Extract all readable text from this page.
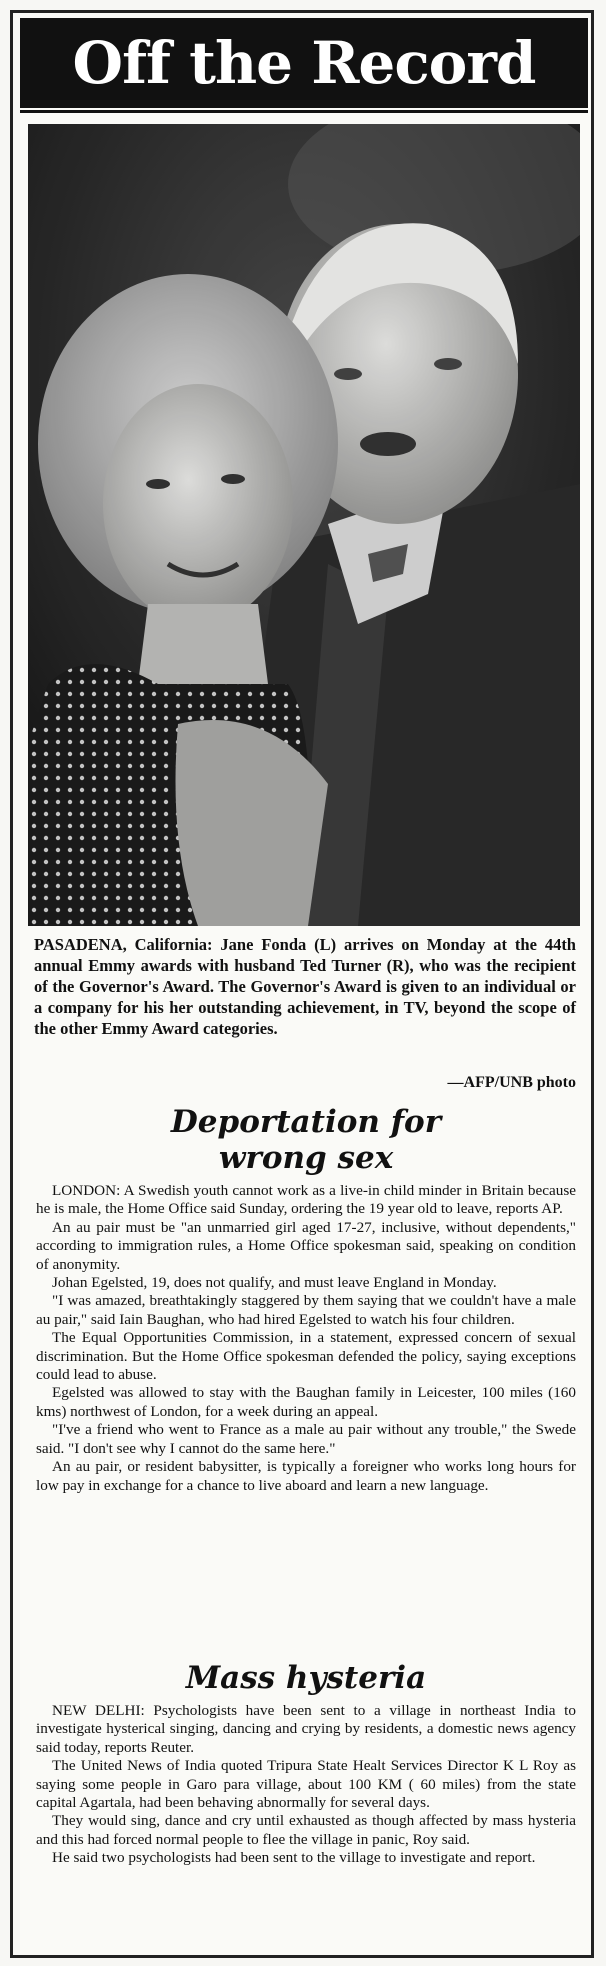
Off the Record
PASADENA, California: Jane Fonda (L) arrives on Monday at the 44th annual Emmy awards with husband Ted Turner (R), who was the recipient of the Governor's Award. The Governor's Award is given to an individual or a company for his her outstanding achievement, in TV, beyond the scope of the other Emmy Award categories.
—AFP/UNB photo
Deportation for
wrong sex

LONDON: A Swedish youth cannot work as a live-in child minder in Britain because he is male, the Home Office said Sunday, ordering the 19 year old to leave, reports AP.

An au pair must be "an unmarried girl aged 17-27, inclusive, without dependents," according to immigration rules, a Home Office spokesman said, speaking on condition of anonymity.

Johan Egelsted, 19, does not qualify, and must leave England in Monday.

"I was amazed, breathtakingly staggered by them saying that we couldn't have a male au pair," said Iain Baughan, who had hired Egelsted to watch his four children.

The Equal Opportunities Commission, in a statement, expressed concern of sexual discrimination. But the Home Office spokesman defended the policy, saying exceptions could lead to abuse.

Egelsted was allowed to stay with the Baughan family in Leicester, 100 miles (160 kms) northwest of London, for a week during an appeal.

"I've a friend who went to France as a male au pair without any trouble," the Swede said. "I don't see why I cannot do the same here."

An au pair, or resident babysitter, is typically a foreigner who works long hours for low pay in exchange for a chance to live aboard and learn a new language.

Mass hysteria

NEW DELHI: Psychologists have been sent to a village in northeast India to investigate hysterical singing, dancing and crying by residents, a domestic news agency said today, reports Reuter.

The United News of India quoted Tripura State Healt Services Director K L Roy as saying some people in Garo para village, about 100 KM ( 60 miles) from the state capital Agartala, had been behaving abnormally for several days.

They would sing, dance and cry until exhausted as though affected by mass hysteria and this had forced normal people to flee the village in panic, Roy said.

He said two psychologists had been sent to the village to investigate and report.
